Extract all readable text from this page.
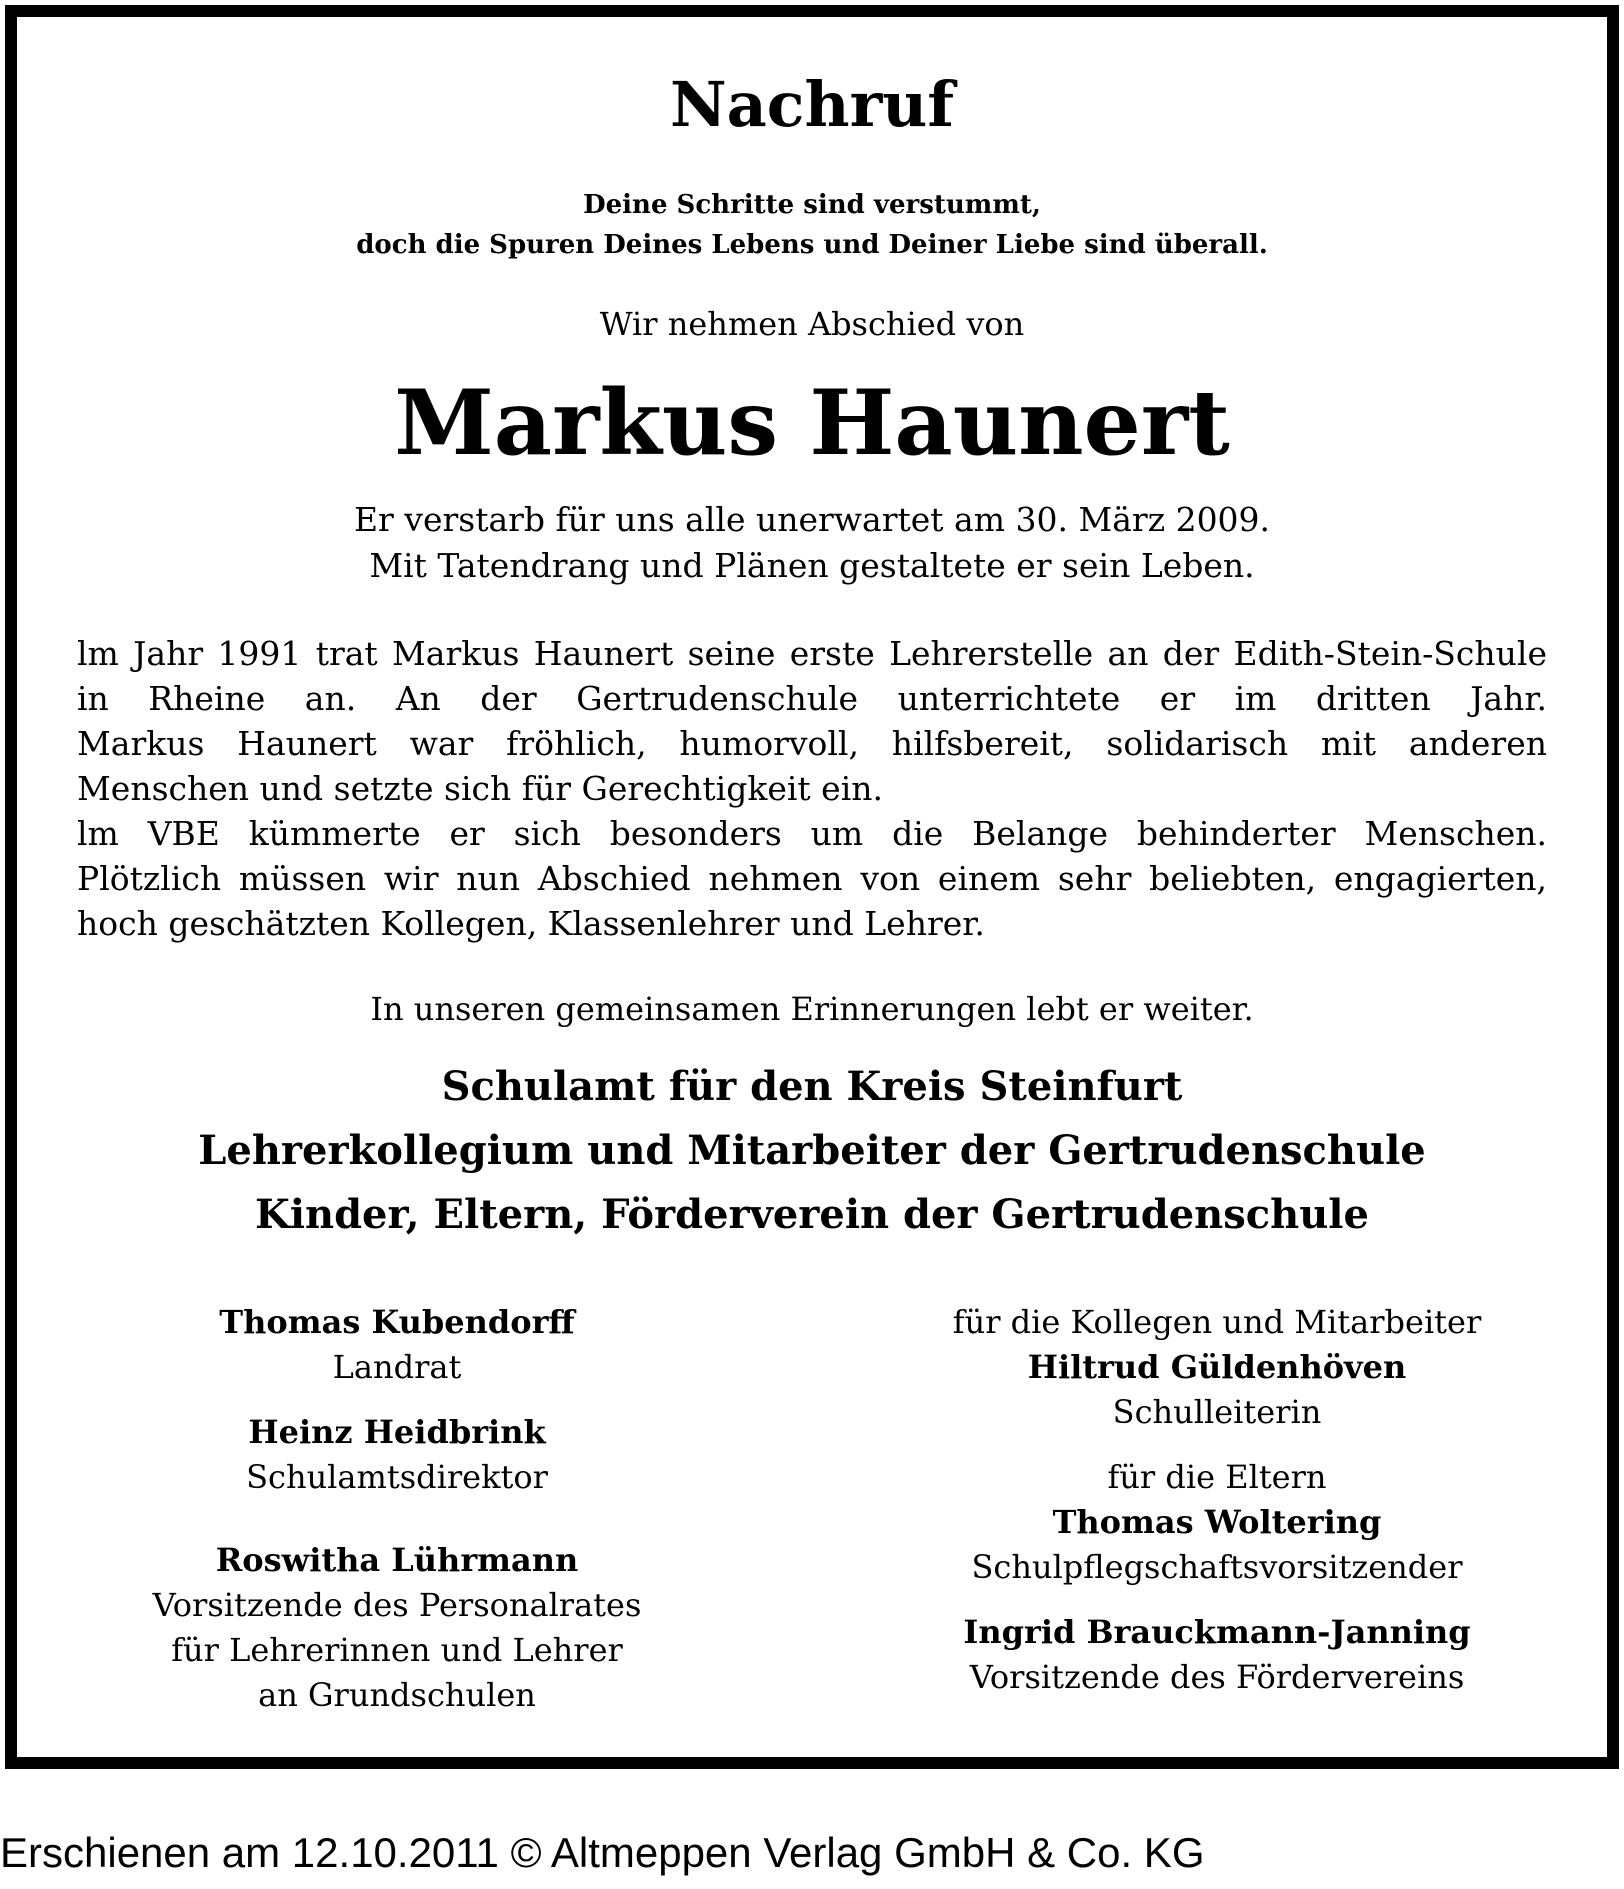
Nachruf
Deine Schritte sind verstummt,
doch die Spuren Deines Lebens und Deiner Liebe sind überall.
Wir nehmen Abschied von
Markus Haunert
Er verstarb für uns alle unerwartet am 30. März 2009.
Mit Tatendrang und Plänen gestaltete er sein Leben.
lm Jahr 1991 trat Markus Haunert seine erste Lehrerstelle an der Edith-Stein-Schule
in Rheine an. An der Gertrudenschule unterrichtete er im dritten Jahr.
Markus Haunert war fröhlich, humorvoll, hilfsbereit, solidarisch mit anderen
Menschen und setzte sich für Gerechtigkeit ein.
lm VBE kümmerte er sich besonders um die Belange behinderter Menschen.
Plötzlich müssen wir nun Abschied nehmen von einem sehr beliebten, engagierten,
hoch geschätzten Kollegen, Klassenlehrer und Lehrer.
In unseren gemeinsamen Erinnerungen lebt er weiter.
Schulamt für den Kreis Steinfurt
Lehrerkollegium und Mitarbeiter der Gertrudenschule
Kinder, Eltern, Förderverein der Gertrudenschule
Thomas Kubendorff
Landrat
Heinz Heidbrink
Schulamtsdirektor
Roswitha Lührmann
Vorsitzende des Personalrates
für Lehrerinnen und Lehrer
an Grundschulen
für die Kollegen und Mitarbeiter
Hiltrud Güldenhöven
Schulleiterin
für die Eltern
Thomas Woltering
Schulpflegschaftsvorsitzender
Ingrid Brauckmann-Janning
Vorsitzende des Fördervereins
Erschienen am 12.10.2011 © Altmeppen Verlag GmbH & Co. KG
